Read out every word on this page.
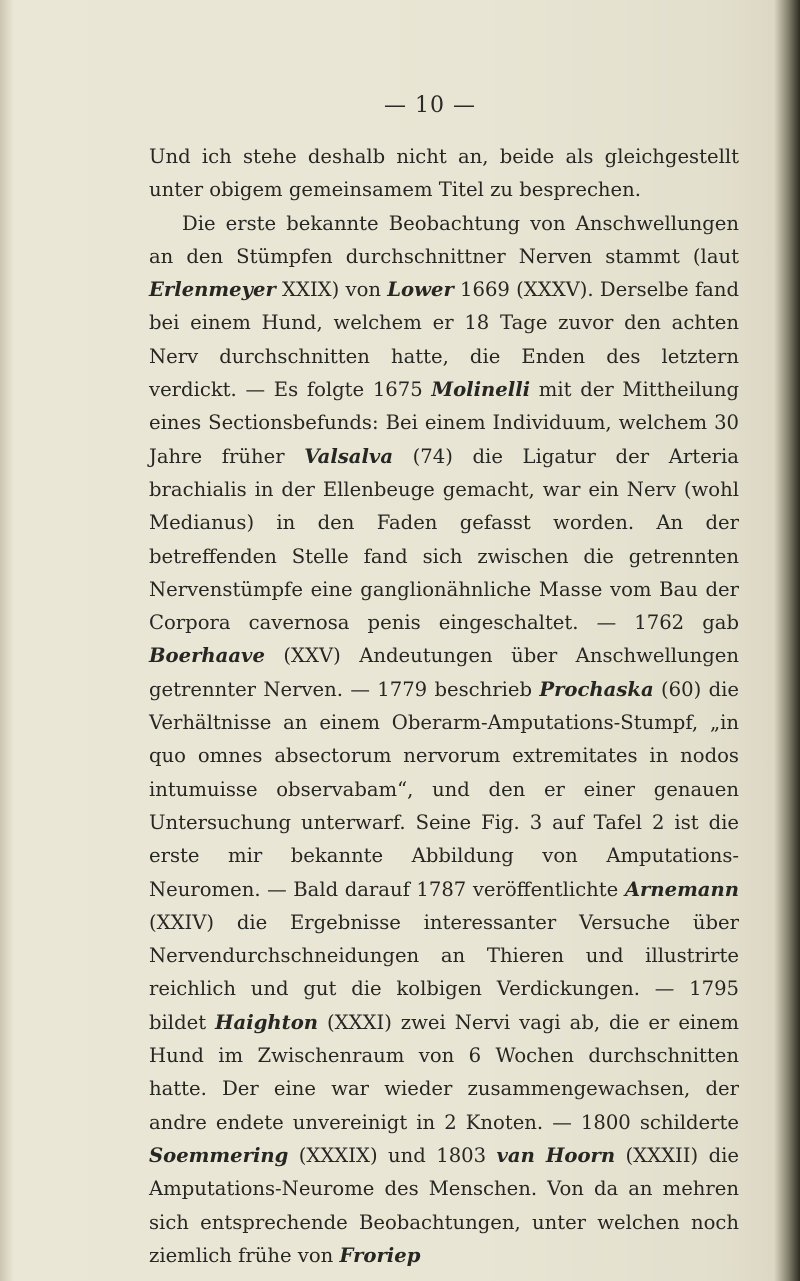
— 10 —

Und ich stehe deshalb nicht an, beide als gleichgestellt unter obigem gemeinsamem Titel zu besprechen.

Die erste bekannte Beobachtung von Anschwellungen an den Stümpfen durchschnittner Nerven stammt (laut Erlenmeyer XXIX) von Lower 1669 (XXXV). Derselbe fand bei einem Hund, welchem er 18 Tage zuvor den achten Nerv durchschnitten hatte, die Enden des letztern verdickt. — Es folgte 1675 Molinelli mit der Mittheilung eines Sectionsbefunds: Bei einem Individuum, welchem 30 Jahre früher Valsalva (74) die Ligatur der Arteria brachialis in der Ellenbeuge gemacht, war ein Nerv (wohl Medianus) in den Faden gefasst worden. An der betreffenden Stelle fand sich zwischen die getrennten Nervenstümpfe eine ganglionähnliche Masse vom Bau der Corpora cavernosa penis eingeschaltet. — 1762 gab Boerhaave (XXV) Andeutungen über Anschwellungen getrennter Nerven. — 1779 beschrieb Prochaska (60) die Verhältnisse an einem Oberarm-Amputations-Stumpf, „in quo omnes absectorum nervorum extremitates in nodos intumuisse observabam“, und den er einer genauen Untersuchung unterwarf. Seine Fig. 3 auf Tafel 2 ist die erste mir bekannte Abbildung von Amputations-Neuromen. — Bald darauf 1787 veröffentlichte Arnemann (XXIV) die Ergebnisse interessanter Versuche über Nervendurchschneidungen an Thieren und illustrirte reichlich und gut die kolbigen Verdickungen. — 1795 bildet Haighton (XXXI) zwei Nervi vagi ab, die er einem Hund im Zwischenraum von 6 Wochen durchschnitten hatte. Der eine war wieder zusammengewachsen, der andre endete unvereinigt in 2 Knoten. — 1800 schilderte Soemmering (XXXIX) und 1803 van Hoorn (XXXII) die Amputations-Neurome des Menschen. Von da an mehren sich entsprechende Beobachtungen, unter welchen noch ziemlich frühe von Froriep
